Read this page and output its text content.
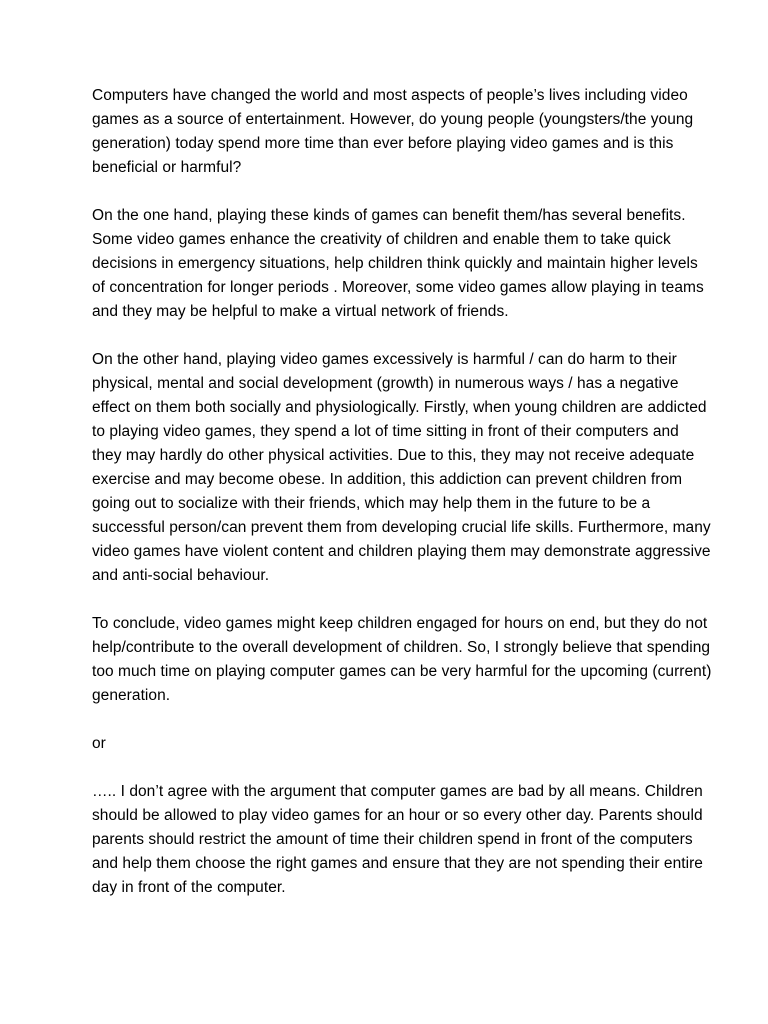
Computers have changed the world and most aspects of people’s lives including video games as a source of entertainment. However, do young people (youngsters/the young generation) today spend more time than ever before playing video games and is this beneficial or harmful?

On the one hand, playing these kinds of games can benefit them/has several benefits. Some video games enhance the creativity of children and enable them to take quick decisions in emergency situations, help children think quickly and maintain higher levels of concentration for longer periods . Moreover, some video games allow playing in teams and they may be helpful to make a virtual network of friends.

On the other hand, playing video games excessively is harmful / can do harm to their physical, mental and social development (growth) in numerous ways / has a negative effect on them both socially and physiologically. Firstly, when young children are addicted to playing video games, they spend a lot of time sitting in front of their computers and they may hardly do other physical activities. Due to this, they may not receive adequate exercise and may become obese. In addition, this addiction can prevent children from going out to socialize with their friends, which may help them in the future to be a successful person/can prevent them from developing crucial life skills. Furthermore, many video games have violent content and children playing them may demonstrate aggressive and anti-social behaviour.

To conclude, video games might keep children engaged for hours on end, but they do not help/contribute to the overall development of children. So, I strongly believe that spending too much time on playing computer games can be very harmful for the upcoming (current) generation.

or

….. I don’t agree with the argument that computer games are bad by all means. Children should be allowed to play video games for an hour or so every other day. Parents should parents should restrict the amount of time their children spend in front of the computers and help them choose the right games and ensure that they are not spending their entire day in front of the computer.
